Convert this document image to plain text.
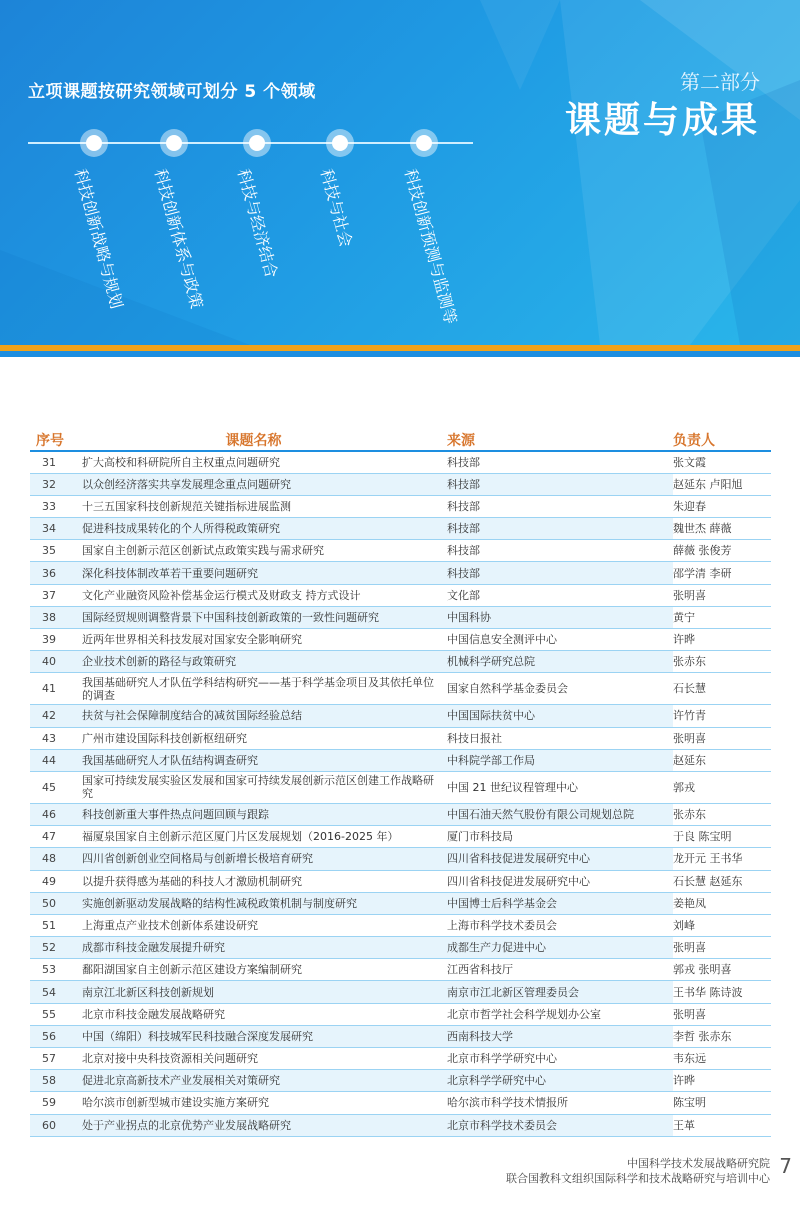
立项课题按研究领域可划分 5 个领域	第二部分
课题与成果
科技创新战略与规划 科技创新体系与政策 科技与经济结合 科技与社会	科技创新预测与监测等
序号	课题名称	来源	负责人
31	扩大高校和科研院所自主权重点问题研究	科技部	张文霞
32	以众创经济落实共享发展理念重点问题研究	科技部	赵延东 卢阳旭
33	十三五国家科技创新规范关键指标进展监测	科技部	朱迎春
34	促进科技成果转化的个人所得税政策研究	科技部	魏世杰 薛薇
35	国家自主创新示范区创新试点政策实践与需求研究	科技部	薛薇 张俊芳
36	深化科技体制改革若干重要问题研究	科技部	邵学清 李研
37	文化产业融资风险补偿基金运行模式及财政支 持方式设计	文化部	张明喜
38	国际经贸规则调整背景下中国科技创新政策的一致性问题研究	中国科协	黄宁
39	近两年世界相关科技发展对国家安全影响研究	中国信息安全测评中心	许晔
40	企业技术创新的路径与政策研究	机械科学研究总院	张赤东
41	我国基础研究人才队伍学科结构研究——基于科学基金项目及其依托单位的调查	国家自然科学基金委员会	石长慧
42	扶贫与社会保障制度结合的减贫国际经验总结	中国国际扶贫中心	许竹青
43	广州市建设国际科技创新枢纽研究	科技日报社	张明喜
44	我国基础研究人才队伍结构调查研究	中科院学部工作局	赵延东
45	国家可持续发展实验区发展和国家可持续发展创新示范区创建工作战略研究	中国 21 世纪议程管理中心	郭戎
46	科技创新重大事件热点问题回顾与跟踪	中国石油天然气股份有限公司规划总院	张赤东
47	福厦泉国家自主创新示范区厦门片区发展规划（2016-2025 年）	厦门市科技局	于良 陈宝明
48	四川省创新创业空间格局与创新增长极培育研究	四川省科技促进发展研究中心	龙开元 王书华
49	以提升获得感为基础的科技人才激励机制研究	四川省科技促进发展研究中心	石长慧 赵延东
50	实施创新驱动发展战略的结构性减税政策机制与制度研究	中国博士后科学基金会	姜艳凤
51	上海重点产业技术创新体系建设研究	上海市科学技术委员会	刘峰
52	成都市科技金融发展提升研究	成都生产力促进中心	张明喜
53	鄱阳湖国家自主创新示范区建设方案编制研究	江西省科技厅	郭戎 张明喜
54	南京江北新区科技创新规划	南京市江北新区管理委员会	王书华 陈诗波
55	北京市科技金融发展战略研究	北京市哲学社会科学规划办公室	张明喜
56	中国（绵阳）科技城军民科技融合深度发展研究	西南科技大学	李哲 张赤东
57	北京对接中央科技资源相关问题研究	北京市科学学研究中心	韦东远
58	促进北京高新技术产业发展相关对策研究	北京科学学研究中心	许晔
59	哈尔滨市创新型城市建设实施方案研究	哈尔滨市科学技术情报所	陈宝明
60	处于产业拐点的北京优势产业发展战略研究	北京市科学技术委员会	王革
中国科学技术发展战略研究院
联合国教科文组织国际科学和技术战略研究与培训中心
7
